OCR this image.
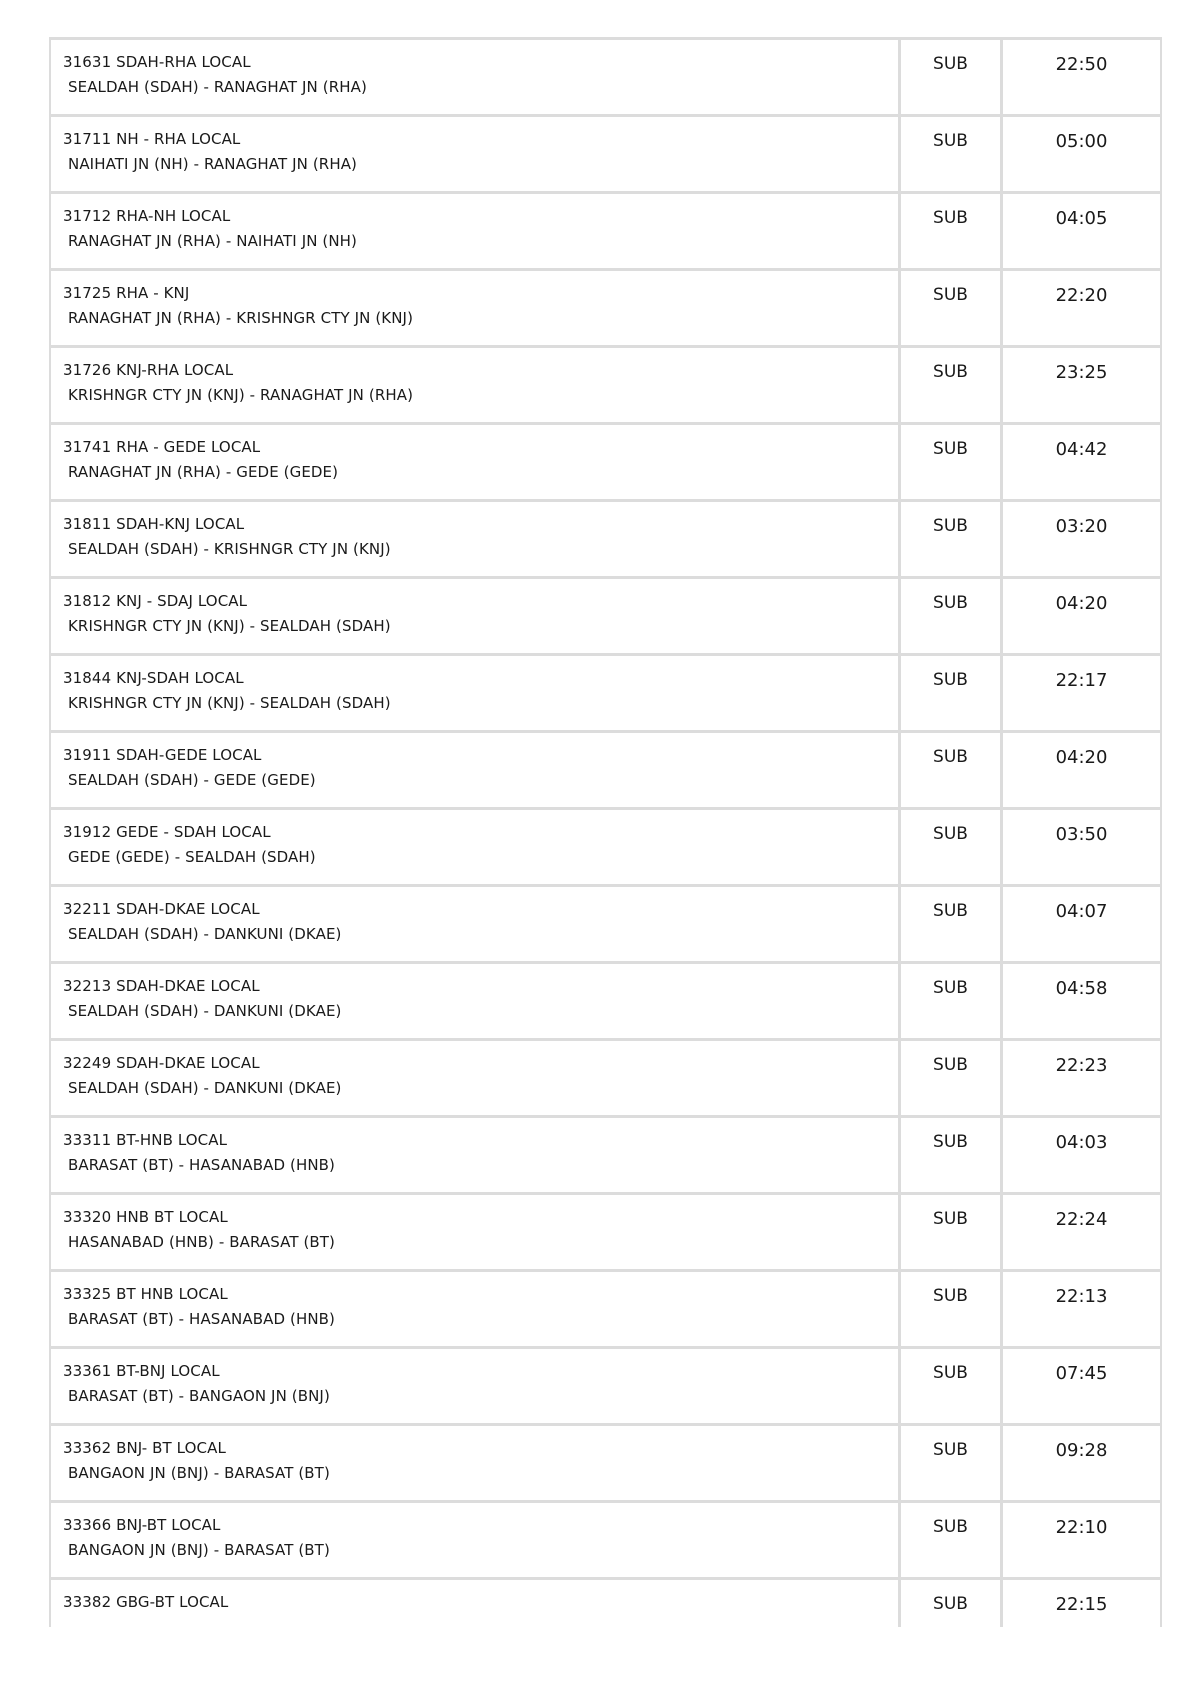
31631 SDAH-RHA LOCAL
SEALDAH (SDAH) - RANAGHAT JN (RHA)
SUB	22:50
31711 NH - RHA LOCAL
NAIHATI JN (NH) - RANAGHAT JN (RHA)
SUB	05:00
31712 RHA-NH LOCAL
RANAGHAT JN (RHA) - NAIHATI JN (NH)
SUB	04:05
31725 RHA - KNJ
RANAGHAT JN (RHA) - KRISHNGR CTY JN (KNJ)
SUB	22:20
31726 KNJ-RHA LOCAL
KRISHNGR CTY JN (KNJ) - RANAGHAT JN (RHA)
SUB	23:25
31741 RHA - GEDE LOCAL
RANAGHAT JN (RHA) - GEDE (GEDE)
SUB	04:42
31811 SDAH-KNJ LOCAL
SEALDAH (SDAH) - KRISHNGR CTY JN (KNJ)
SUB	03:20
31812 KNJ - SDAJ LOCAL
KRISHNGR CTY JN (KNJ) - SEALDAH (SDAH)
SUB	04:20
31844 KNJ-SDAH LOCAL
KRISHNGR CTY JN (KNJ) - SEALDAH (SDAH)
SUB	22:17
31911 SDAH-GEDE LOCAL
SEALDAH (SDAH) - GEDE (GEDE)
SUB	04:20
31912 GEDE - SDAH LOCAL
GEDE (GEDE) - SEALDAH (SDAH)
SUB	03:50
32211 SDAH-DKAE LOCAL
SEALDAH (SDAH) - DANKUNI (DKAE)
SUB	04:07
32213 SDAH-DKAE LOCAL
SEALDAH (SDAH) - DANKUNI (DKAE)
SUB	04:58
32249 SDAH-DKAE LOCAL
SEALDAH (SDAH) - DANKUNI (DKAE)
SUB	22:23
33311 BT-HNB LOCAL
BARASAT (BT) - HASANABAD (HNB)
SUB	04:03
33320 HNB BT LOCAL
HASANABAD (HNB) - BARASAT (BT)
SUB	22:24
33325 BT HNB LOCAL
BARASAT (BT) - HASANABAD (HNB)
SUB	22:13
33361 BT-BNJ LOCAL
BARASAT (BT) - BANGAON JN (BNJ)
SUB	07:45
33362 BNJ- BT LOCAL
BANGAON JN (BNJ) - BARASAT (BT)
SUB	09:28
33366 BNJ-BT LOCAL
BANGAON JN (BNJ) - BARASAT (BT)
SUB	22:10
33382 GBG-BT LOCAL	SUB	22:15
